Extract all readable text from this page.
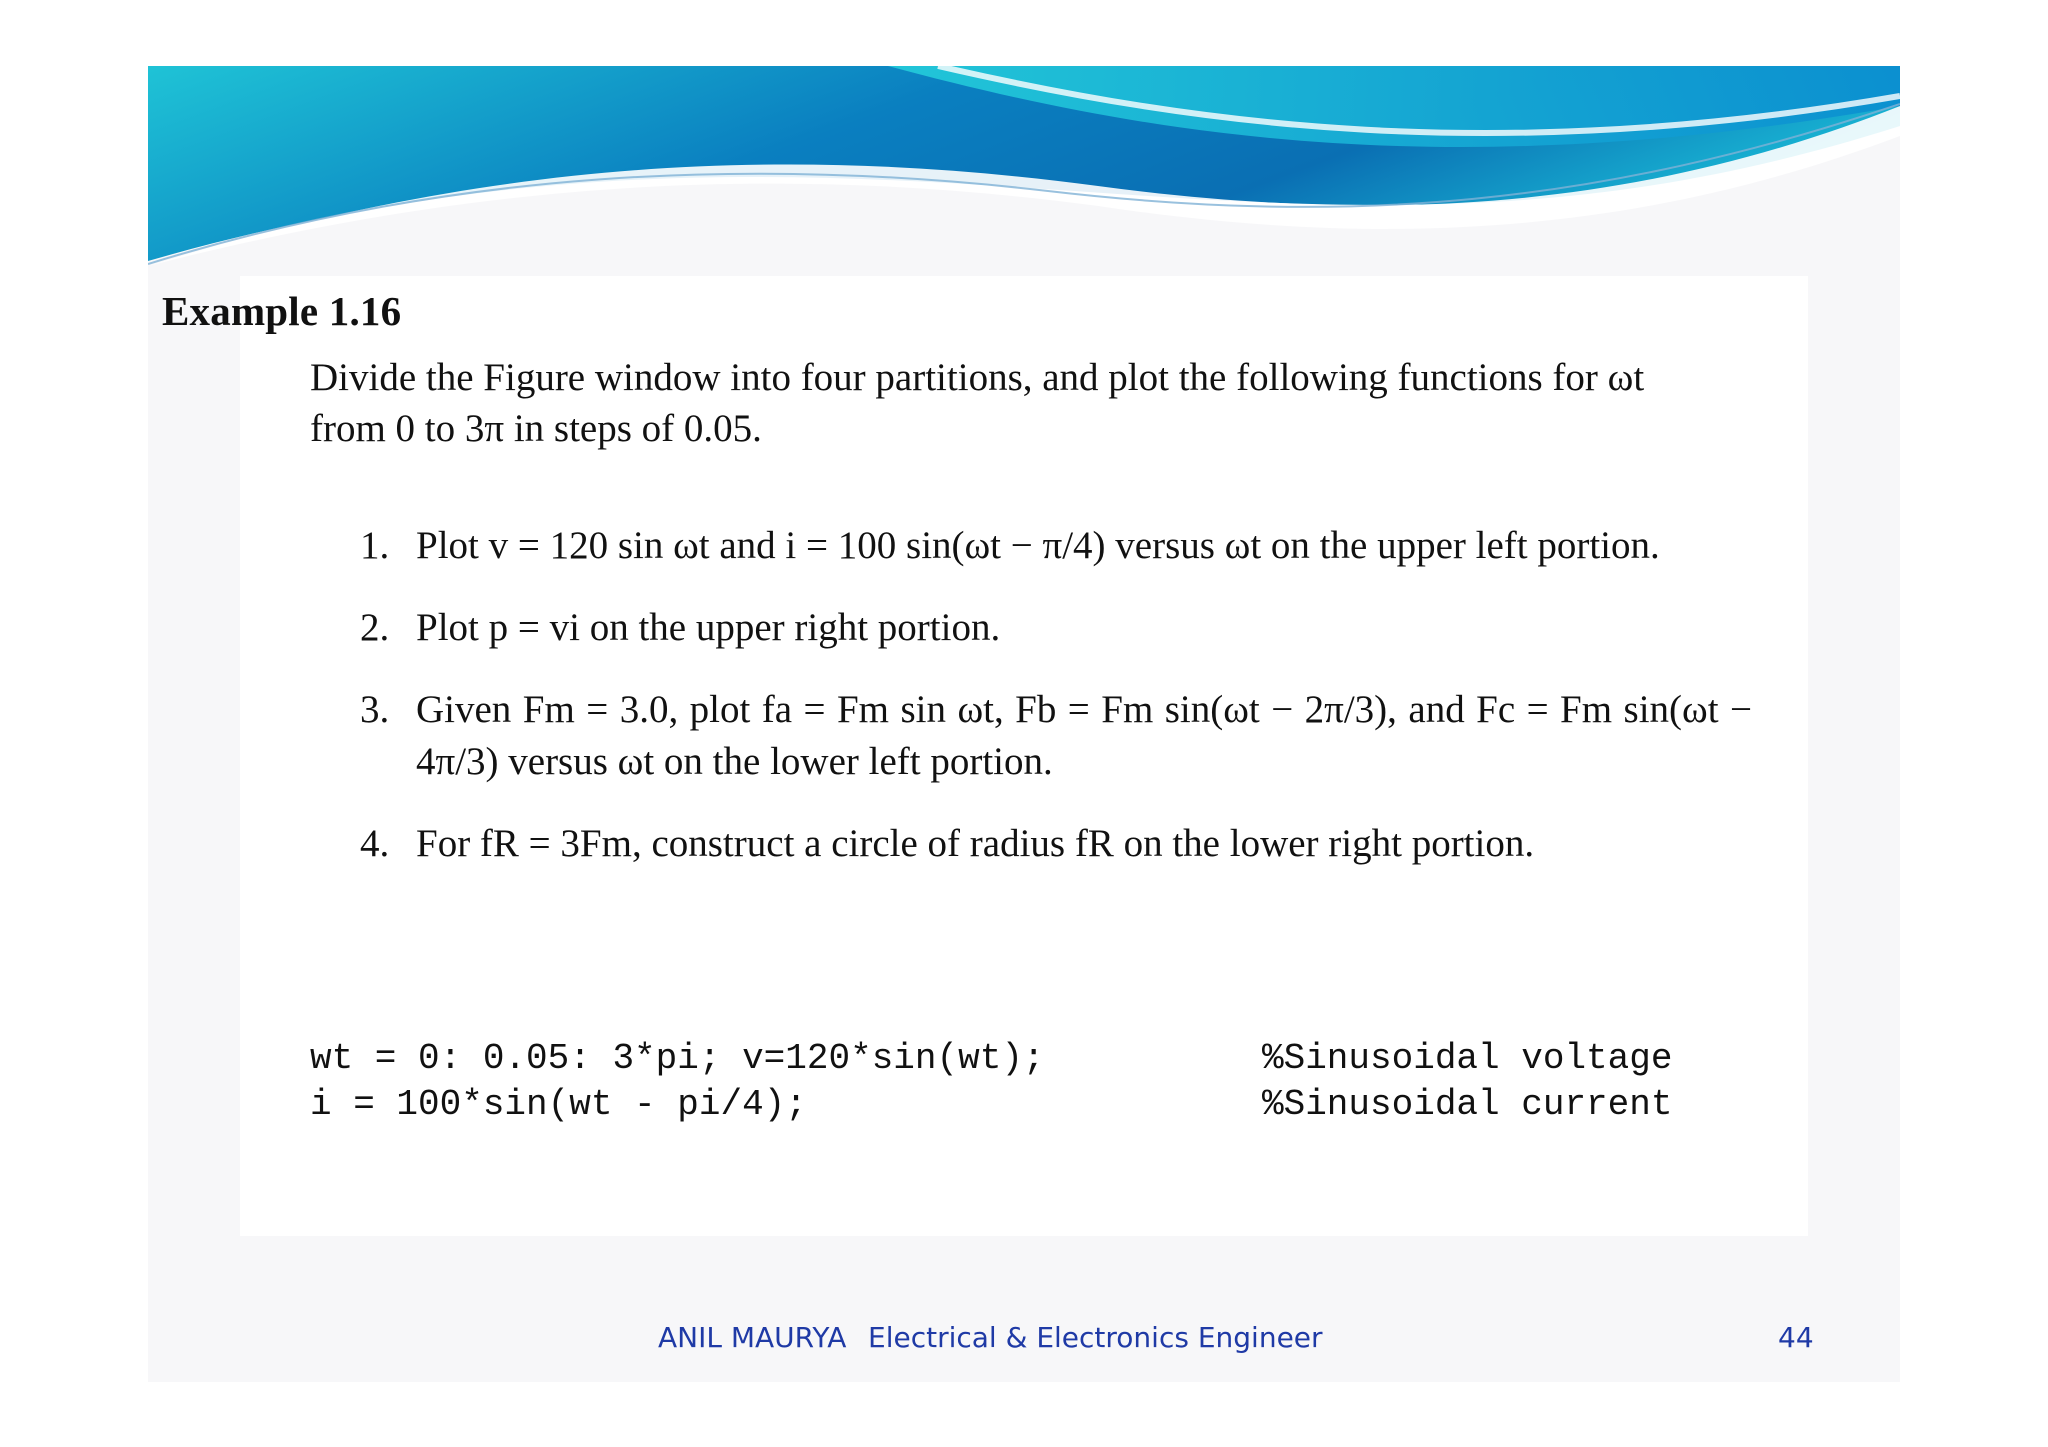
Example 1.16
Divide the Figure window into four partitions, and plot the following functions for ωt
from 0 to 3π in steps of 0.05.
1. Plot v = 120 sin ωt and i = 100 sin(ωt − π/4) versus ωt on the upper left portion.
2. Plot p = vi on the upper right portion.
3. Given Fm = 3.0, plot fa = Fm sin ωt, Fb = Fm sin(ωt − 2π/3), and Fc = Fm sin(ωt − 4π/3) versus ωt on the lower left portion.
4. For fR = 3Fm, construct a circle of radius fR on the lower right portion.
wt = 0: 0.05: 3*pi; v=120*sin(wt);	%Sinusoidal voltage
i = 100*sin(wt - pi/4);	%Sinusoidal current
ANIL MAURYA Electrical & Electronics Engineer	44
